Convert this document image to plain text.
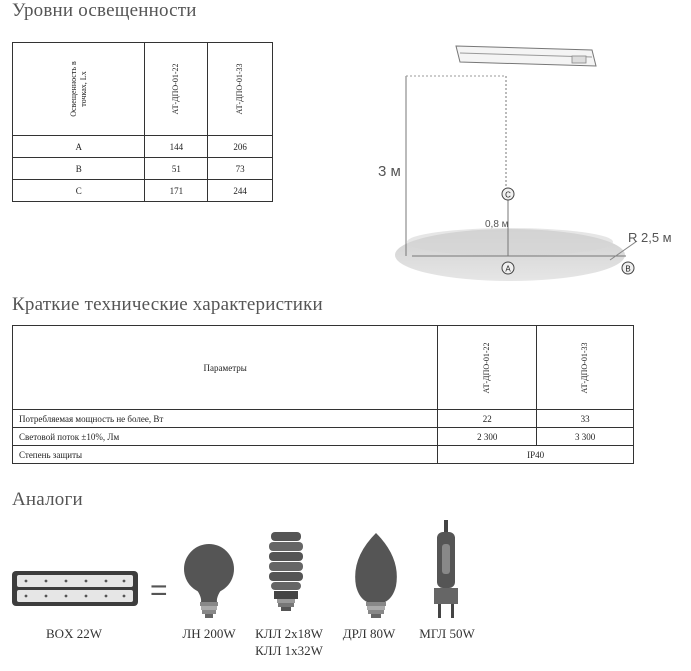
Уровни освещенности
Освещенность в точках, Lx	АТ-ДПО-01-22	АТ-ДПО-01-33

A	144	206
B	51	73
C	171	244
A	B
C
3 м
0,8 м
R 2,5 м
Краткие технические характеристики
Параметры	АТ-ДПО-01-22	АТ-ДПО-01-33

Потребляемая мощность не более, Вт	22	33
Световой поток ±10%, Лм	2 300	3 300
Степень защиты	IP40	
Аналоги
=
BOX 22W	ЛН 200W	КЛЛ 2х18W
КЛЛ 1х32W
ДРЛ 80W	МГЛ 50W
